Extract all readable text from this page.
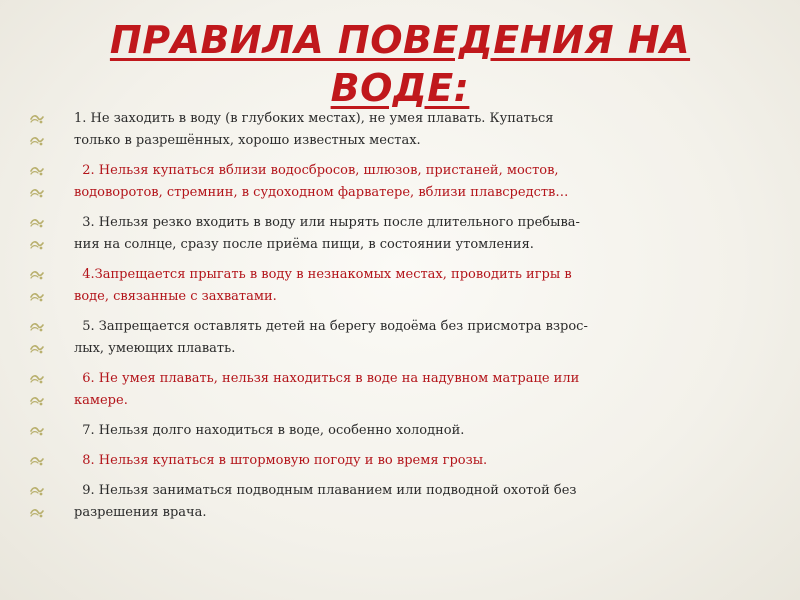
ПРАВИЛА ПОВЕДЕНИЯ НА
ВОДЕ:
1. Не заходить в воду (в глубоких местах), не умея плавать. Купаться
только в разрешённых, хорошо известных местах.
2. Нельзя купаться вблизи водосбросов, шлюзов, пристаней, мостов,
водоворотов, стремнин, в судоходном фарватере, вблизи плавсредств…
3. Нельзя резко входить в воду или нырять после длительного пребыва-
ния на солнце, сразу после приёма пищи, в состоянии утомления.
4.Запрещается прыгать в воду в незнакомых местах, проводить игры в
воде, связанные с захватами.
5. Запрещается оставлять детей на берегу водоёма без присмотра взрос-
лых, умеющих плавать.
6. Не умея плавать, нельзя находиться в воде на надувном матраце или
камере.
7. Нельзя долго находиться в воде, особенно холодной.
8. Нельзя купаться в штормовую погоду и во время грозы.
9. Нельзя заниматься подводным плаванием или подводной охотой без
разрешения врача.
